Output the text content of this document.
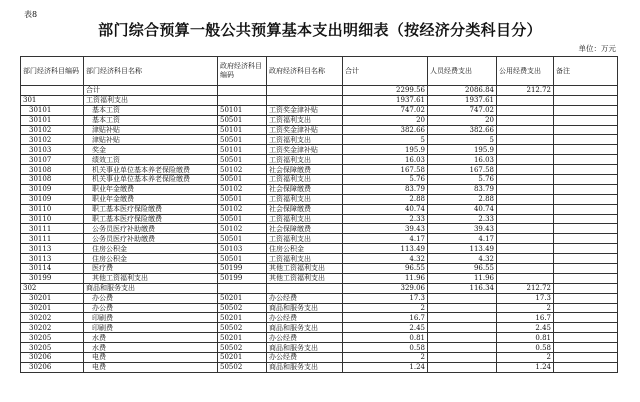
表8
部门综合预算一般公共预算基本支出明细表（按经济分类科目分）
单位：万元
部门经济科目编码	部门经济科目名称	政府经济科目编码	政府经济科目名称	合计	人员经费支出	公用经费支出	备注
	合计			2299.56	2086.84	212.72	
301	工资福利支出			1937.61	1937.61		
30101	基本工资	50101	工资奖金津补贴	747.02	747.02		
30101	基本工资	50501	工资福利支出	20	20		
30102	津贴补贴	50101	工资奖金津补贴	382.66	382.66		
30102	津贴补贴	50501	工资福利支出	5	5		
30103	奖金	50101	工资奖金津补贴	195.9	195.9		
30107	绩效工资	50501	工资福利支出	16.03	16.03		
30108	机关事业单位基本养老保险缴费	50102	社会保障缴费	167.58	167.58		
30108	机关事业单位基本养老保险缴费	50501	工资福利支出	5.76	5.76		
30109	职业年金缴费	50102	社会保障缴费	83.79	83.79		
30109	职业年金缴费	50501	工资福利支出	2.88	2.88		
30110	职工基本医疗保险缴费	50102	社会保障缴费	40.74	40.74		
30110	职工基本医疗保险缴费	50501	工资福利支出	2.33	2.33		
30111	公务员医疗补助缴费	50102	社会保障缴费	39.43	39.43		
30111	公务员医疗补助缴费	50501	工资福利支出	4.17	4.17		
30113	住房公积金	50103	住房公积金	113.49	113.49		
30113	住房公积金	50501	工资福利支出	4.32	4.32		
30114	医疗费	50199	其他工资福利支出	96.55	96.55		
30199	其他工资福利支出	50199	其他工资福利支出	11.96	11.96		
302	商品和服务支出			329.06	116.34	212.72	
30201	办公费	50201	办公经费	17.3		17.3	
30201	办公费	50502	商品和服务支出	2		2	
30202	印刷费	50201	办公经费	16.7		16.7	
30202	印刷费	50502	商品和服务支出	2.45		2.45	
30205	水费	50201	办公经费	0.81		0.81	
30205	水费	50502	商品和服务支出	0.58		0.58	
30206	电费	50201	办公经费	2		2	
30206	电费	50502	商品和服务支出	1.24		1.24	
